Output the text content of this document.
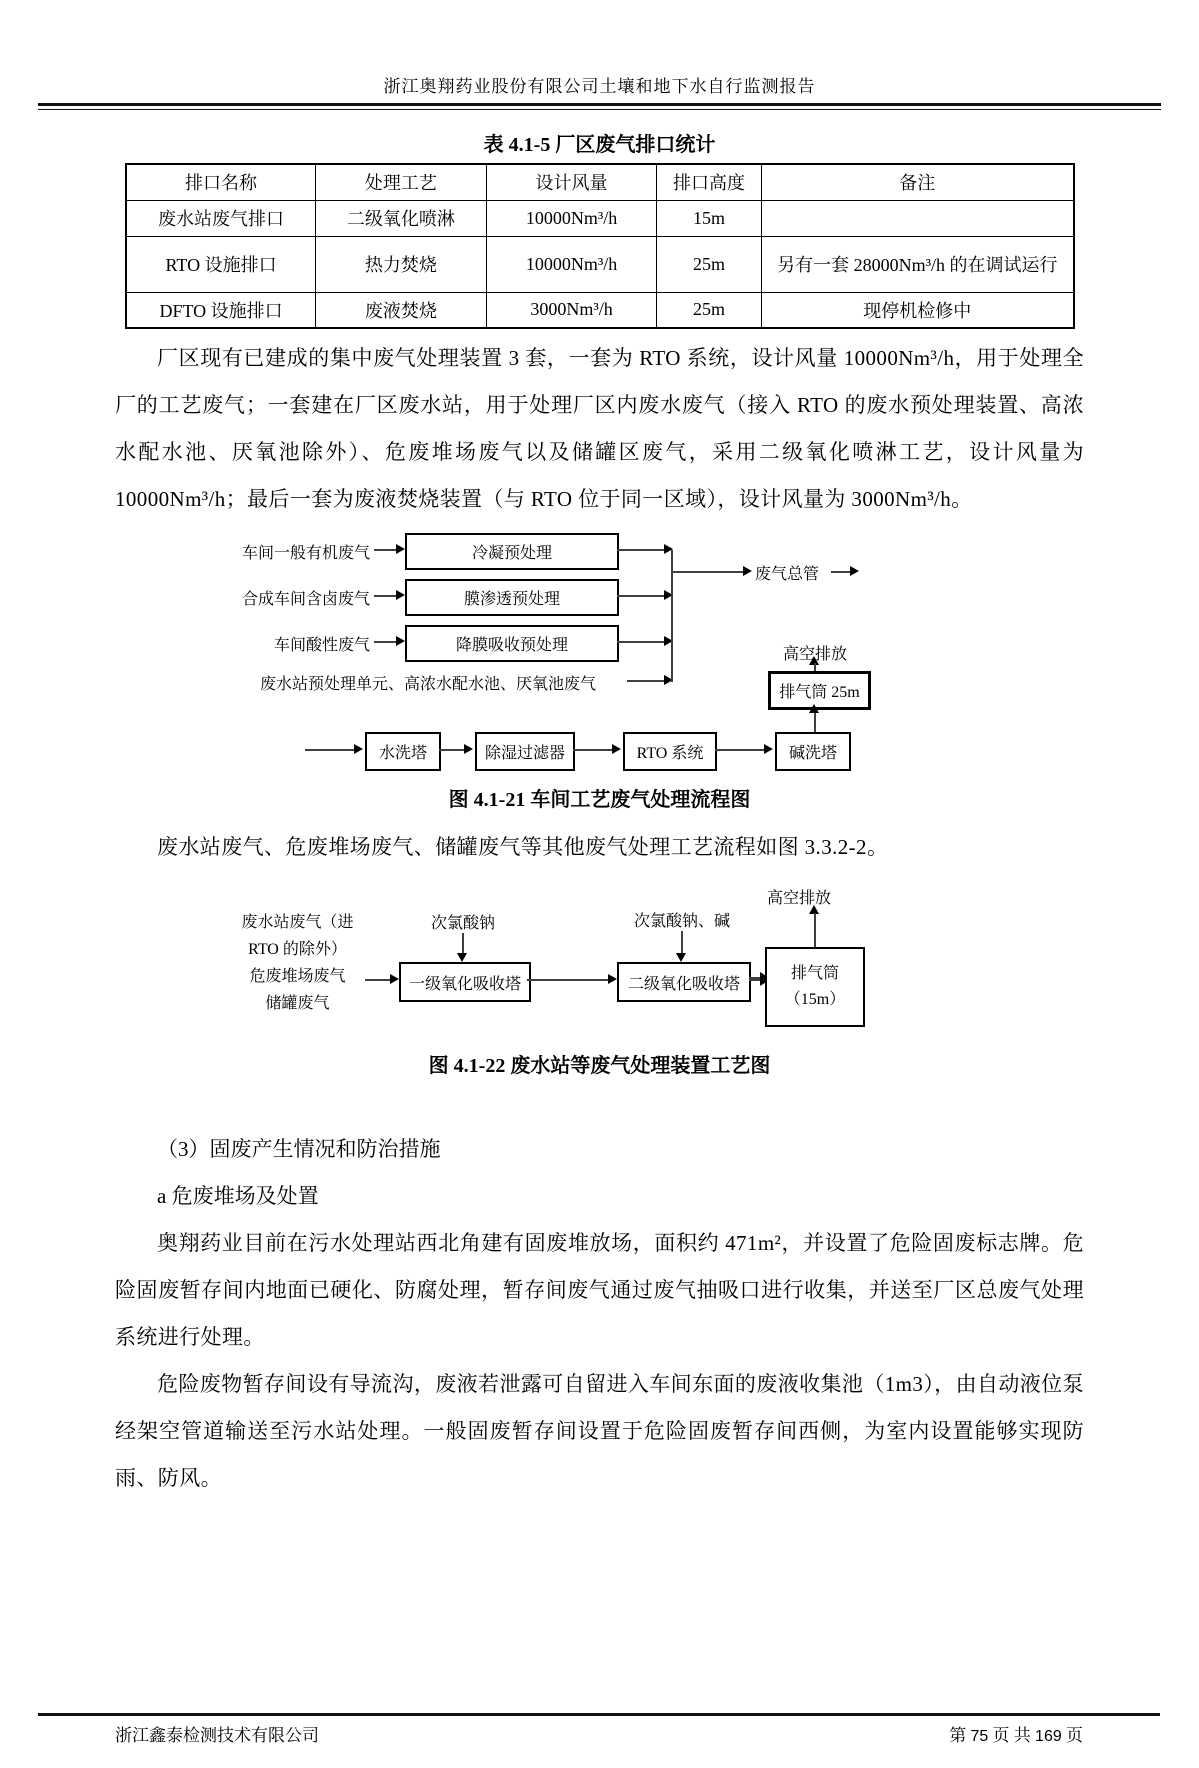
浙江奥翔药业股份有限公司土壤和地下水自行监测报告
表 4.1-5 厂区废气排口统计
排口名称	处理工艺	设计风量	排口高度	备注
废水站废气排口	二级氧化喷淋	10000Nm³/h	15m	
RTO 设施排口	热力焚烧	10000Nm³/h	25m	另有一套 28000Nm³/h 的在调试运行
DFTO 设施排口	废液焚烧	3000Nm³/h	25m	现停机检修中

厂区现有已建成的集中废气处理装置 3 套，一套为 RTO 系统，设计风量 10000Nm³/h，用于处理全厂的工艺废气；一套建在厂区废水站，用于处理厂区内废水废气（接入 RTO 的废水预处理装置、高浓水配水池、厌氧池除外）、危废堆场废气以及储罐区废气，采用二级氧化喷淋工艺，设计风量为 10000Nm³/h；最后一套为废液焚烧装置（与 RTO 位于同一区域），设计风量为 3000Nm³/h。

车间一般有机废气	冷凝预处理
合成车间含卤废气	膜渗透预处理
车间酸性废气	降膜吸收预处理
废水站预处理单元、高浓水配水池、厌氧池废气
废气总管
高空排放
排气筒 25m
水洗塔	除湿过滤器	RTO 系统	碱洗塔
图 4.1-21 车间工艺废气处理流程图

废水站废气、危废堆场废气、储罐废气等其他废气处理工艺流程如图 3.3.2-2。

高空排放
废水站废气（进
RTO 的除外）
危废堆场废气
储罐废气
次氯酸钠
一级氧化吸收塔
次氯酸钠、碱
二级氧化吸收塔
排气筒
（15m）
图 4.1-22 废水站等废气处理装置工艺图

（3）固废产生情况和防治措施

a 危废堆场及处置

奥翔药业目前在污水处理站西北角建有固废堆放场，面积约 471m²，并设置了危险固废标志牌。危险固废暂存间内地面已硬化、防腐处理，暂存间废气通过废气抽吸口进行收集，并送至厂区总废气处理系统进行处理。

危险废物暂存间设有导流沟，废液若泄露可自留进入车间东面的废液收集池（1m3），由自动液位泵经架空管道输送至污水站处理。一般固废暂存间设置于危险固废暂存间西侧，为室内设置能够实现防雨、防风。

浙江鑫泰检测技术有限公司	第 75 页 共 169 页
